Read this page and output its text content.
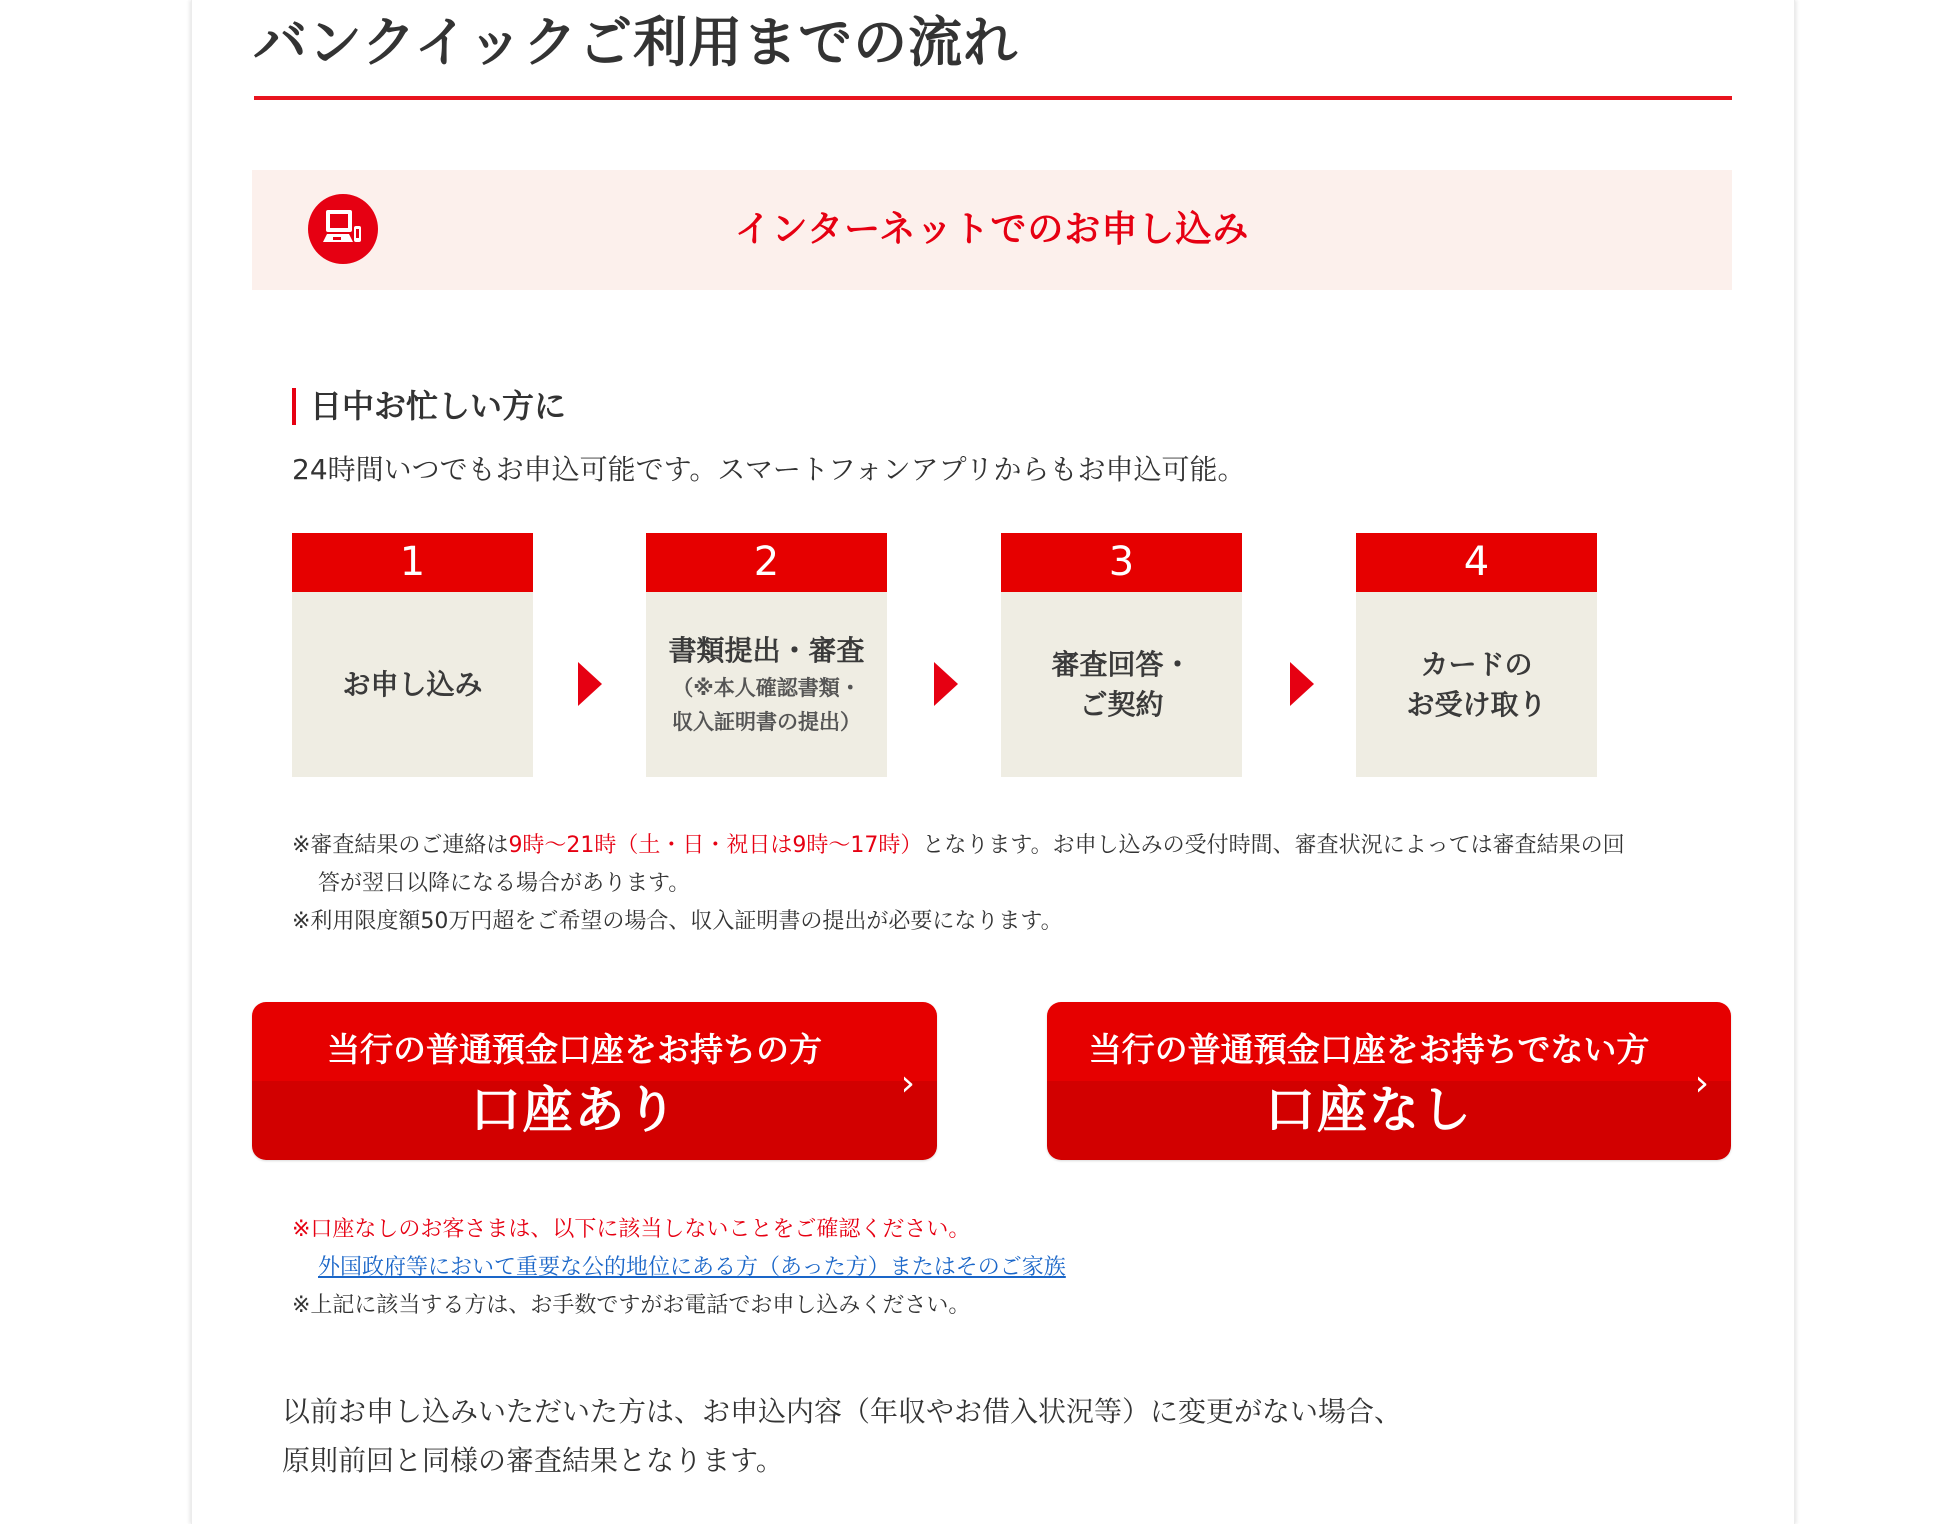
バンクイックご利用までの流れ
インターネットでのお申し込み
日中お忙しい方に

24時間いつでもお申込可能です。スマートフォンアプリからもお申込可能。

1
お申し込み
2
書類提出・審査
（※本人確認書類・
収入証明書の提出）
3
審査回答・
ご契約
4
カードの
お受け取り
※審査結果のご連絡は9時〜21時（土・日・祝日は9時〜17時）となります。お申し込みの受付時間、審査状況によっては審査結果の回
答が翌日以降になる場合があります。
※利用限度額50万円超をご希望の場合、収入証明書の提出が必要になります。
当行の普通預金口座をお持ちの方
口座あり	›
当行の普通預金口座をお持ちでない方
口座なし	›
※口座なしのお客さまは、以下に該当しないことをご確認ください。
外国政府等において重要な公的地位にある方（あった方）またはそのご家族
※上記に該当する方は、お手数ですがお電話でお申し込みください。
以前お申し込みいただいた方は、お申込内容（年収やお借入状況等）に変更がない場合、
原則前回と同様の審査結果となります。
